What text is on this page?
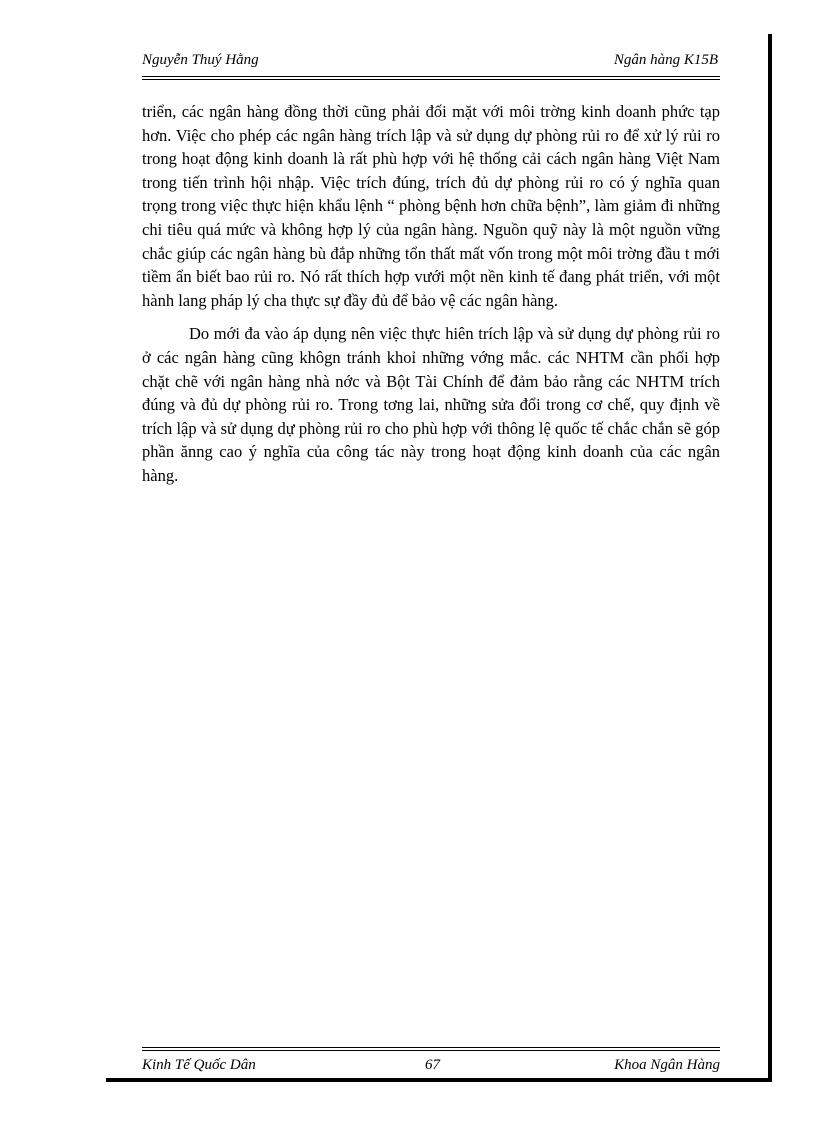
Nguyễn Thuý Hằng	Ngân hàng K15B

triển, các ngân hàng đồng thời cũng phải đối mặt với môi trờng kinh doanh phức tạp hơn. Việc cho phép các ngân hàng trích lập và sử dụng dự phòng rủi ro để xử lý rủi ro trong hoạt động kinh doanh là rất phù hợp với hệ thống cải cách ngân hàng Việt Nam trong tiến trình hội nhập. Việc trích đúng, trích đủ dự phòng rủi ro có ý nghĩa quan trọng trong việc thực hiện khẩu lệnh “ phòng bệnh hơn chữa bệnh”, làm giảm đi những chi tiêu quá mức và không hợp lý của ngân hàng. Nguồn quỹ này là một nguồn vững chắc giúp các ngân hàng bù đắp những tổn thất mất vốn trong một môi trờng đầu t mới tiềm ẩn biết bao rủi ro. Nó rất thích hợp vưới một nền kinh tế đang phát triển, với một hành lang pháp lý cha thực sự đầy đủ để bảo vệ các ngân hàng.

Do mới đa vào áp dụng nên việc thực hiên trích lập và sử dụng dự phòng rủi ro ở các ngân hàng cũng khôgn tránh khoỉ những vớng mắc. các NHTM cần phối hợp chặt chẽ với ngân hàng nhà nớc và Bột Tài Chính để đảm bảo rằng các NHTM trích đúng và đủ dự phòng rủi ro. Trong tơng lai, những sửa đổi trong cơ chế, quy định về trích lập và sử dụng dự phòng rủi ro cho phù hợp với thông lệ quốc tế chắc chắn sẽ góp phần ănng cao ý nghĩa của công tác này trong hoạt động kinh doanh của các ngân hàng.

Kinh Tế Quốc Dân	67	Khoa Ngân Hàng
